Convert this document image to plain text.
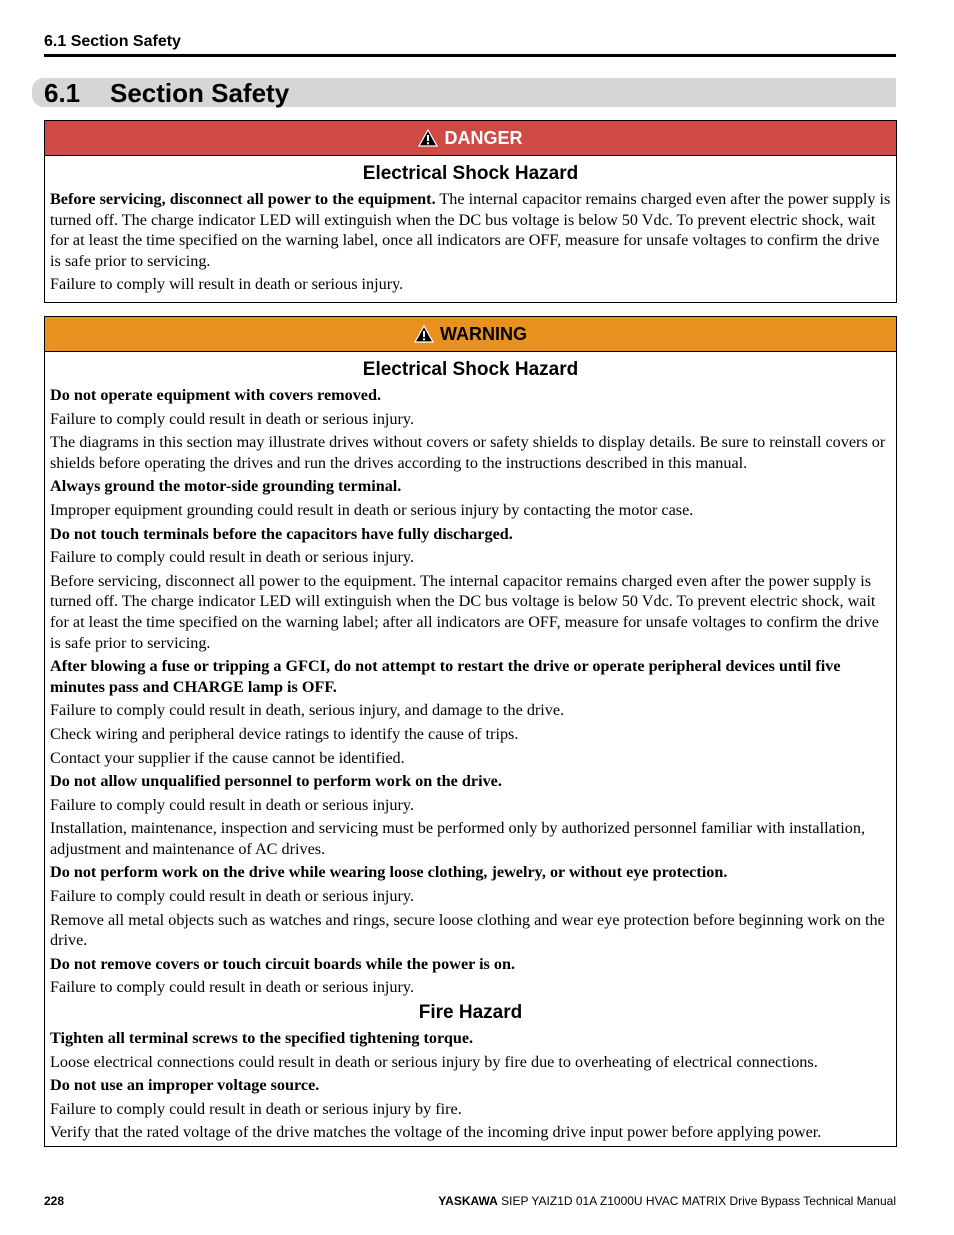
6.1 Section Safety
6.1 Section Safety
DANGER
Electrical Shock Hazard

Before servicing, disconnect all power to the equipment. The internal capacitor remains charged even after the power supply is turned off. The charge indicator LED will extinguish when the DC bus voltage is below 50 Vdc. To prevent electric shock, wait for at least the time specified on the warning label, once all indicators are OFF, measure for unsafe voltages to confirm the drive is safe prior to servicing.

Failure to comply will result in death or serious injury.

WARNING
Electrical Shock Hazard

Do not operate equipment with covers removed.

Failure to comply could result in death or serious injury.

The diagrams in this section may illustrate drives without covers or safety shields to display details. Be sure to reinstall covers or shields before operating the drives and run the drives according to the instructions described in this manual.

Always ground the motor-side grounding terminal.

Improper equipment grounding could result in death or serious injury by contacting the motor case.

Do not touch terminals before the capacitors have fully discharged.

Failure to comply could result in death or serious injury.

Before servicing, disconnect all power to the equipment. The internal capacitor remains charged even after the power supply is turned off. The charge indicator LED will extinguish when the DC bus voltage is below 50 Vdc. To prevent electric shock, wait for at least the time specified on the warning label; after all indicators are OFF, measure for unsafe voltages to confirm the drive is safe prior to servicing.

After blowing a fuse or tripping a GFCI, do not attempt to restart the drive or operate peripheral devices until five minutes pass and CHARGE lamp is OFF.

Failure to comply could result in death, serious injury, and damage to the drive.

Check wiring and peripheral device ratings to identify the cause of trips.

Contact your supplier if the cause cannot be identified.

Do not allow unqualified personnel to perform work on the drive.

Failure to comply could result in death or serious injury.

Installation, maintenance, inspection and servicing must be performed only by authorized personnel familiar with installation, adjustment and maintenance of AC drives.

Do not perform work on the drive while wearing loose clothing, jewelry, or without eye protection.

Failure to comply could result in death or serious injury.

Remove all metal objects such as watches and rings, secure loose clothing and wear eye protection before beginning work on the drive.

Do not remove covers or touch circuit boards while the power is on.

Failure to comply could result in death or serious injury.

Fire Hazard

Tighten all terminal screws to the specified tightening torque.

Loose electrical connections could result in death or serious injury by fire due to overheating of electrical connections.

Do not use an improper voltage source.

Failure to comply could result in death or serious injury by fire.

Verify that the rated voltage of the drive matches the voltage of the incoming drive input power before applying power.

228	YASKAWA SIEP YAIZ1D 01A Z1000U HVAC MATRIX Drive Bypass Technical Manual
